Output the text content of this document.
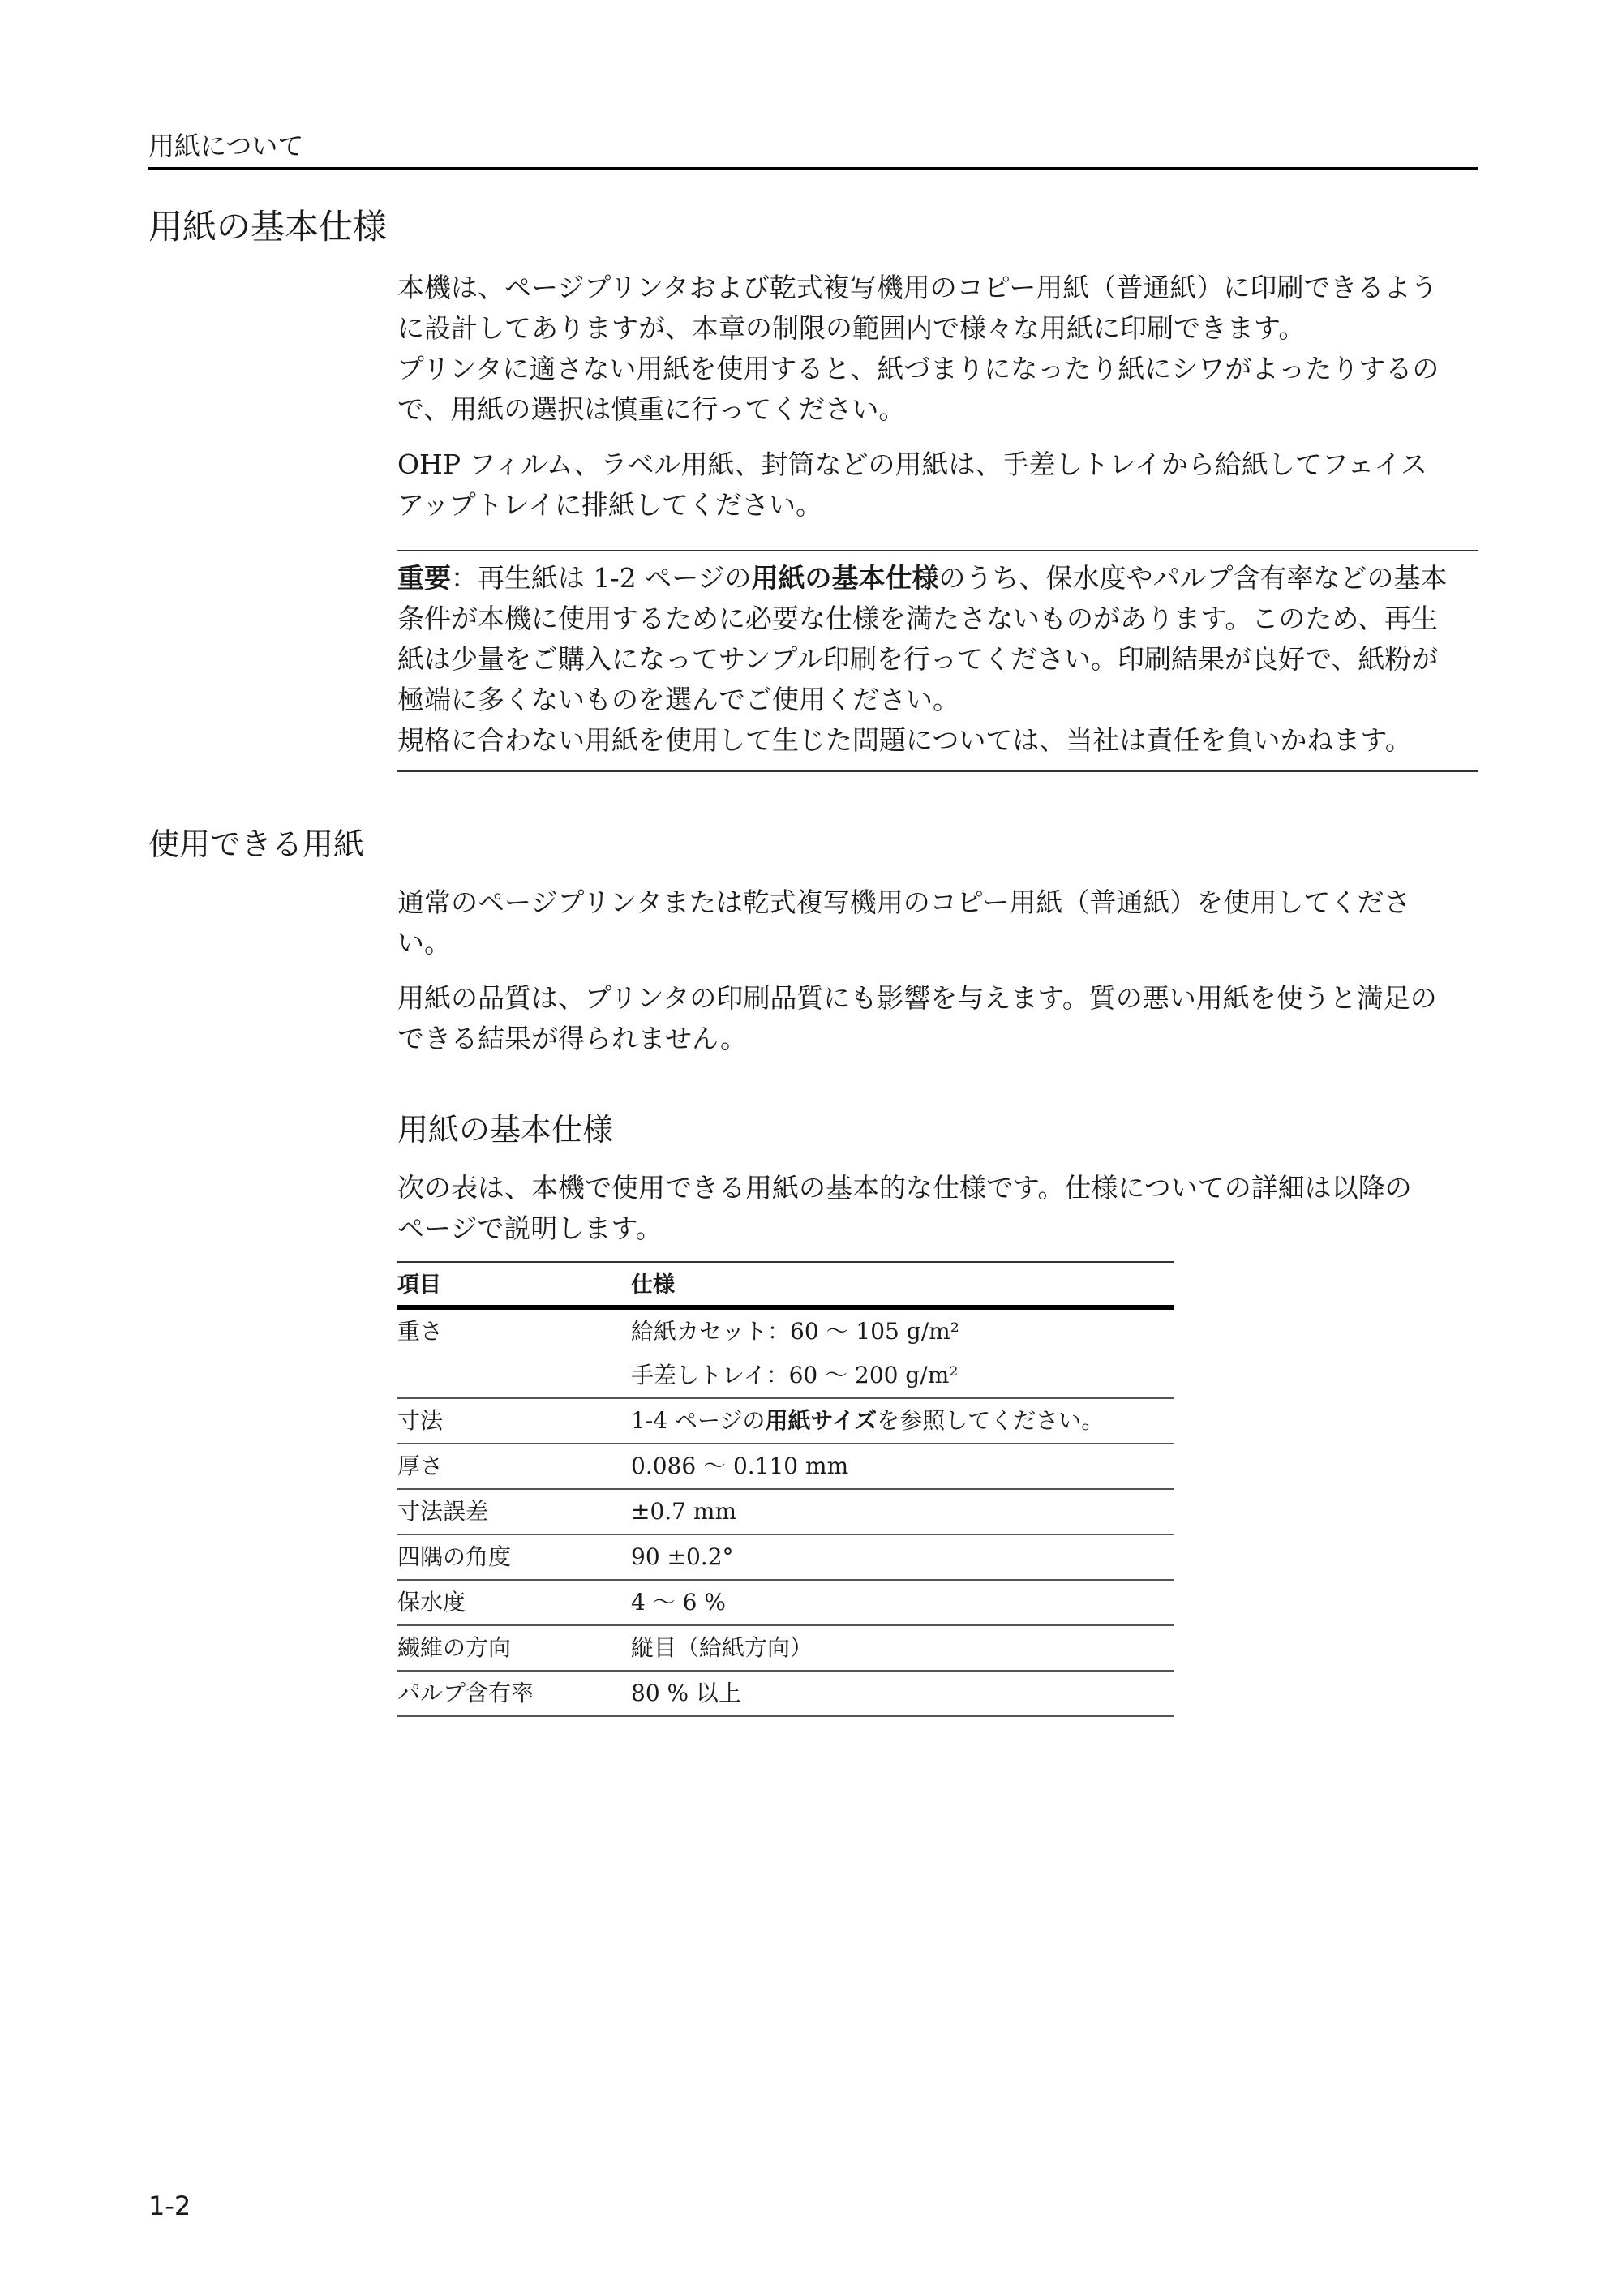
用紙について
用紙の基本仕様

本機は、ページプリンタおよび乾式複写機用のコピー用紙（普通紙）に印刷できるよう
に設計してありますが、本章の制限の範囲内で様々な用紙に印刷できます。
プリンタに適さない用紙を使用すると、紙づまりになったり紙にシワがよったりするの
で、用紙の選択は慎重に行ってください。

OHP フィルム、ラベル用紙、封筒などの用紙は、手差しトレイから給紙してフェイス
アップトレイに排紙してください。

重要：再生紙は 1-2 ページの用紙の基本仕様のうち、保水度やパルプ含有率などの基本
条件が本機に使用するために必要な仕様を満たさないものがあります。このため、再生
紙は少量をご購入になってサンプル印刷を行ってください。印刷結果が良好で、紙粉が
極端に多くないものを選んでご使用ください。
規格に合わない用紙を使用して生じた問題については、当社は責任を負いかねます。

使用できる用紙

通常のページプリンタまたは乾式複写機用のコピー用紙（普通紙）を使用してくださ
い。

用紙の品質は、プリンタの印刷品質にも影響を与えます。質の悪い用紙を使うと満足の
できる結果が得られません。

用紙の基本仕様

次の表は、本機で使用できる用紙の基本的な仕様です。仕様についての詳細は以降の
ページで説明します。

項目	仕様
重さ	給紙カセット：60 〜 105 g/m²
	手差しトレイ：60 〜 200 g/m²
寸法	1-4 ページの用紙サイズを参照してください。
厚さ	0.086 〜 0.110 mm
寸法誤差	±0.7 mm
四隅の角度	90 ±0.2°
保水度	4 〜 6 %
繊維の方向	縦目（給紙方向）
パルプ含有率	80 % 以上
1-2
